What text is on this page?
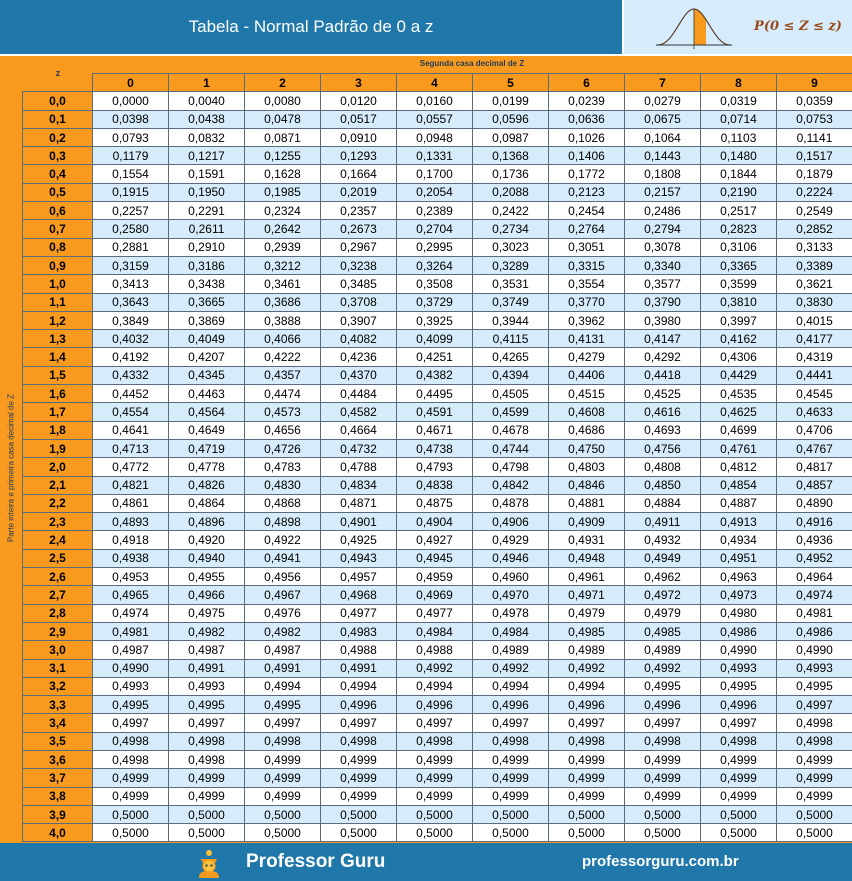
Tabela - Normal Padrão de 0 a z	P(0 ≤ Z ≤ z)
z
Segunda casa decimal de Z
Parte inteira e primeira casa decimal de Z
	0	1	2	3	4	5	6	7	8	9
0,0	0,0000	0,0040	0,0080	0,0120	0,0160	0,0199	0,0239	0,0279	0,0319	0,0359
0,1	0,0398	0,0438	0,0478	0,0517	0,0557	0,0596	0,0636	0,0675	0,0714	0,0753
0,2	0,0793	0,0832	0,0871	0,0910	0,0948	0,0987	0,1026	0,1064	0,1103	0,1141
0,3	0,1179	0,1217	0,1255	0,1293	0,1331	0,1368	0,1406	0,1443	0,1480	0,1517
0,4	0,1554	0,1591	0,1628	0,1664	0,1700	0,1736	0,1772	0,1808	0,1844	0,1879
0,5	0,1915	0,1950	0,1985	0,2019	0,2054	0,2088	0,2123	0,2157	0,2190	0,2224
0,6	0,2257	0,2291	0,2324	0,2357	0,2389	0,2422	0,2454	0,2486	0,2517	0,2549
0,7	0,2580	0,2611	0,2642	0,2673	0,2704	0,2734	0,2764	0,2794	0,2823	0,2852
0,8	0,2881	0,2910	0,2939	0,2967	0,2995	0,3023	0,3051	0,3078	0,3106	0,3133
0,9	0,3159	0,3186	0,3212	0,3238	0,3264	0,3289	0,3315	0,3340	0,3365	0,3389
1,0	0,3413	0,3438	0,3461	0,3485	0,3508	0,3531	0,3554	0,3577	0,3599	0,3621
1,1	0,3643	0,3665	0,3686	0,3708	0,3729	0,3749	0,3770	0,3790	0,3810	0,3830
1,2	0,3849	0,3869	0,3888	0,3907	0,3925	0,3944	0,3962	0,3980	0,3997	0,4015
1,3	0,4032	0,4049	0,4066	0,4082	0,4099	0,4115	0,4131	0,4147	0,4162	0,4177
1,4	0,4192	0,4207	0,4222	0,4236	0,4251	0,4265	0,4279	0,4292	0,4306	0,4319
1,5	0,4332	0,4345	0,4357	0,4370	0,4382	0,4394	0,4406	0,4418	0,4429	0,4441
1,6	0,4452	0,4463	0,4474	0,4484	0,4495	0,4505	0,4515	0,4525	0,4535	0,4545
1,7	0,4554	0,4564	0,4573	0,4582	0,4591	0,4599	0,4608	0,4616	0,4625	0,4633
1,8	0,4641	0,4649	0,4656	0,4664	0,4671	0,4678	0,4686	0,4693	0,4699	0,4706
1,9	0,4713	0,4719	0,4726	0,4732	0,4738	0,4744	0,4750	0,4756	0,4761	0,4767
2,0	0,4772	0,4778	0,4783	0,4788	0,4793	0,4798	0,4803	0,4808	0,4812	0,4817
2,1	0,4821	0,4826	0,4830	0,4834	0,4838	0,4842	0,4846	0,4850	0,4854	0,4857
2,2	0,4861	0,4864	0,4868	0,4871	0,4875	0,4878	0,4881	0,4884	0,4887	0,4890
2,3	0,4893	0,4896	0,4898	0,4901	0,4904	0,4906	0,4909	0,4911	0,4913	0,4916
2,4	0,4918	0,4920	0,4922	0,4925	0,4927	0,4929	0,4931	0,4932	0,4934	0,4936
2,5	0,4938	0,4940	0,4941	0,4943	0,4945	0,4946	0,4948	0,4949	0,4951	0,4952
2,6	0,4953	0,4955	0,4956	0,4957	0,4959	0,4960	0,4961	0,4962	0,4963	0,4964
2,7	0,4965	0,4966	0,4967	0,4968	0,4969	0,4970	0,4971	0,4972	0,4973	0,4974
2,8	0,4974	0,4975	0,4976	0,4977	0,4977	0,4978	0,4979	0,4979	0,4980	0,4981
2,9	0,4981	0,4982	0,4982	0,4983	0,4984	0,4984	0,4985	0,4985	0,4986	0,4986
3,0	0,4987	0,4987	0,4987	0,4988	0,4988	0,4989	0,4989	0,4989	0,4990	0,4990
3,1	0,4990	0,4991	0,4991	0,4991	0,4992	0,4992	0,4992	0,4992	0,4993	0,4993
3,2	0,4993	0,4993	0,4994	0,4994	0,4994	0,4994	0,4994	0,4995	0,4995	0,4995
3,3	0,4995	0,4995	0,4995	0,4996	0,4996	0,4996	0,4996	0,4996	0,4996	0,4997
3,4	0,4997	0,4997	0,4997	0,4997	0,4997	0,4997	0,4997	0,4997	0,4997	0,4998
3,5	0,4998	0,4998	0,4998	0,4998	0,4998	0,4998	0,4998	0,4998	0,4998	0,4998
3,6	0,4998	0,4998	0,4999	0,4999	0,4999	0,4999	0,4999	0,4999	0,4999	0,4999
3,7	0,4999	0,4999	0,4999	0,4999	0,4999	0,4999	0,4999	0,4999	0,4999	0,4999
3,8	0,4999	0,4999	0,4999	0,4999	0,4999	0,4999	0,4999	0,4999	0,4999	0,4999
3,9	0,5000	0,5000	0,5000	0,5000	0,5000	0,5000	0,5000	0,5000	0,5000	0,5000
4,0	0,5000	0,5000	0,5000	0,5000	0,5000	0,5000	0,5000	0,5000	0,5000	0,5000
Professor Guru	professorguru.com.br
